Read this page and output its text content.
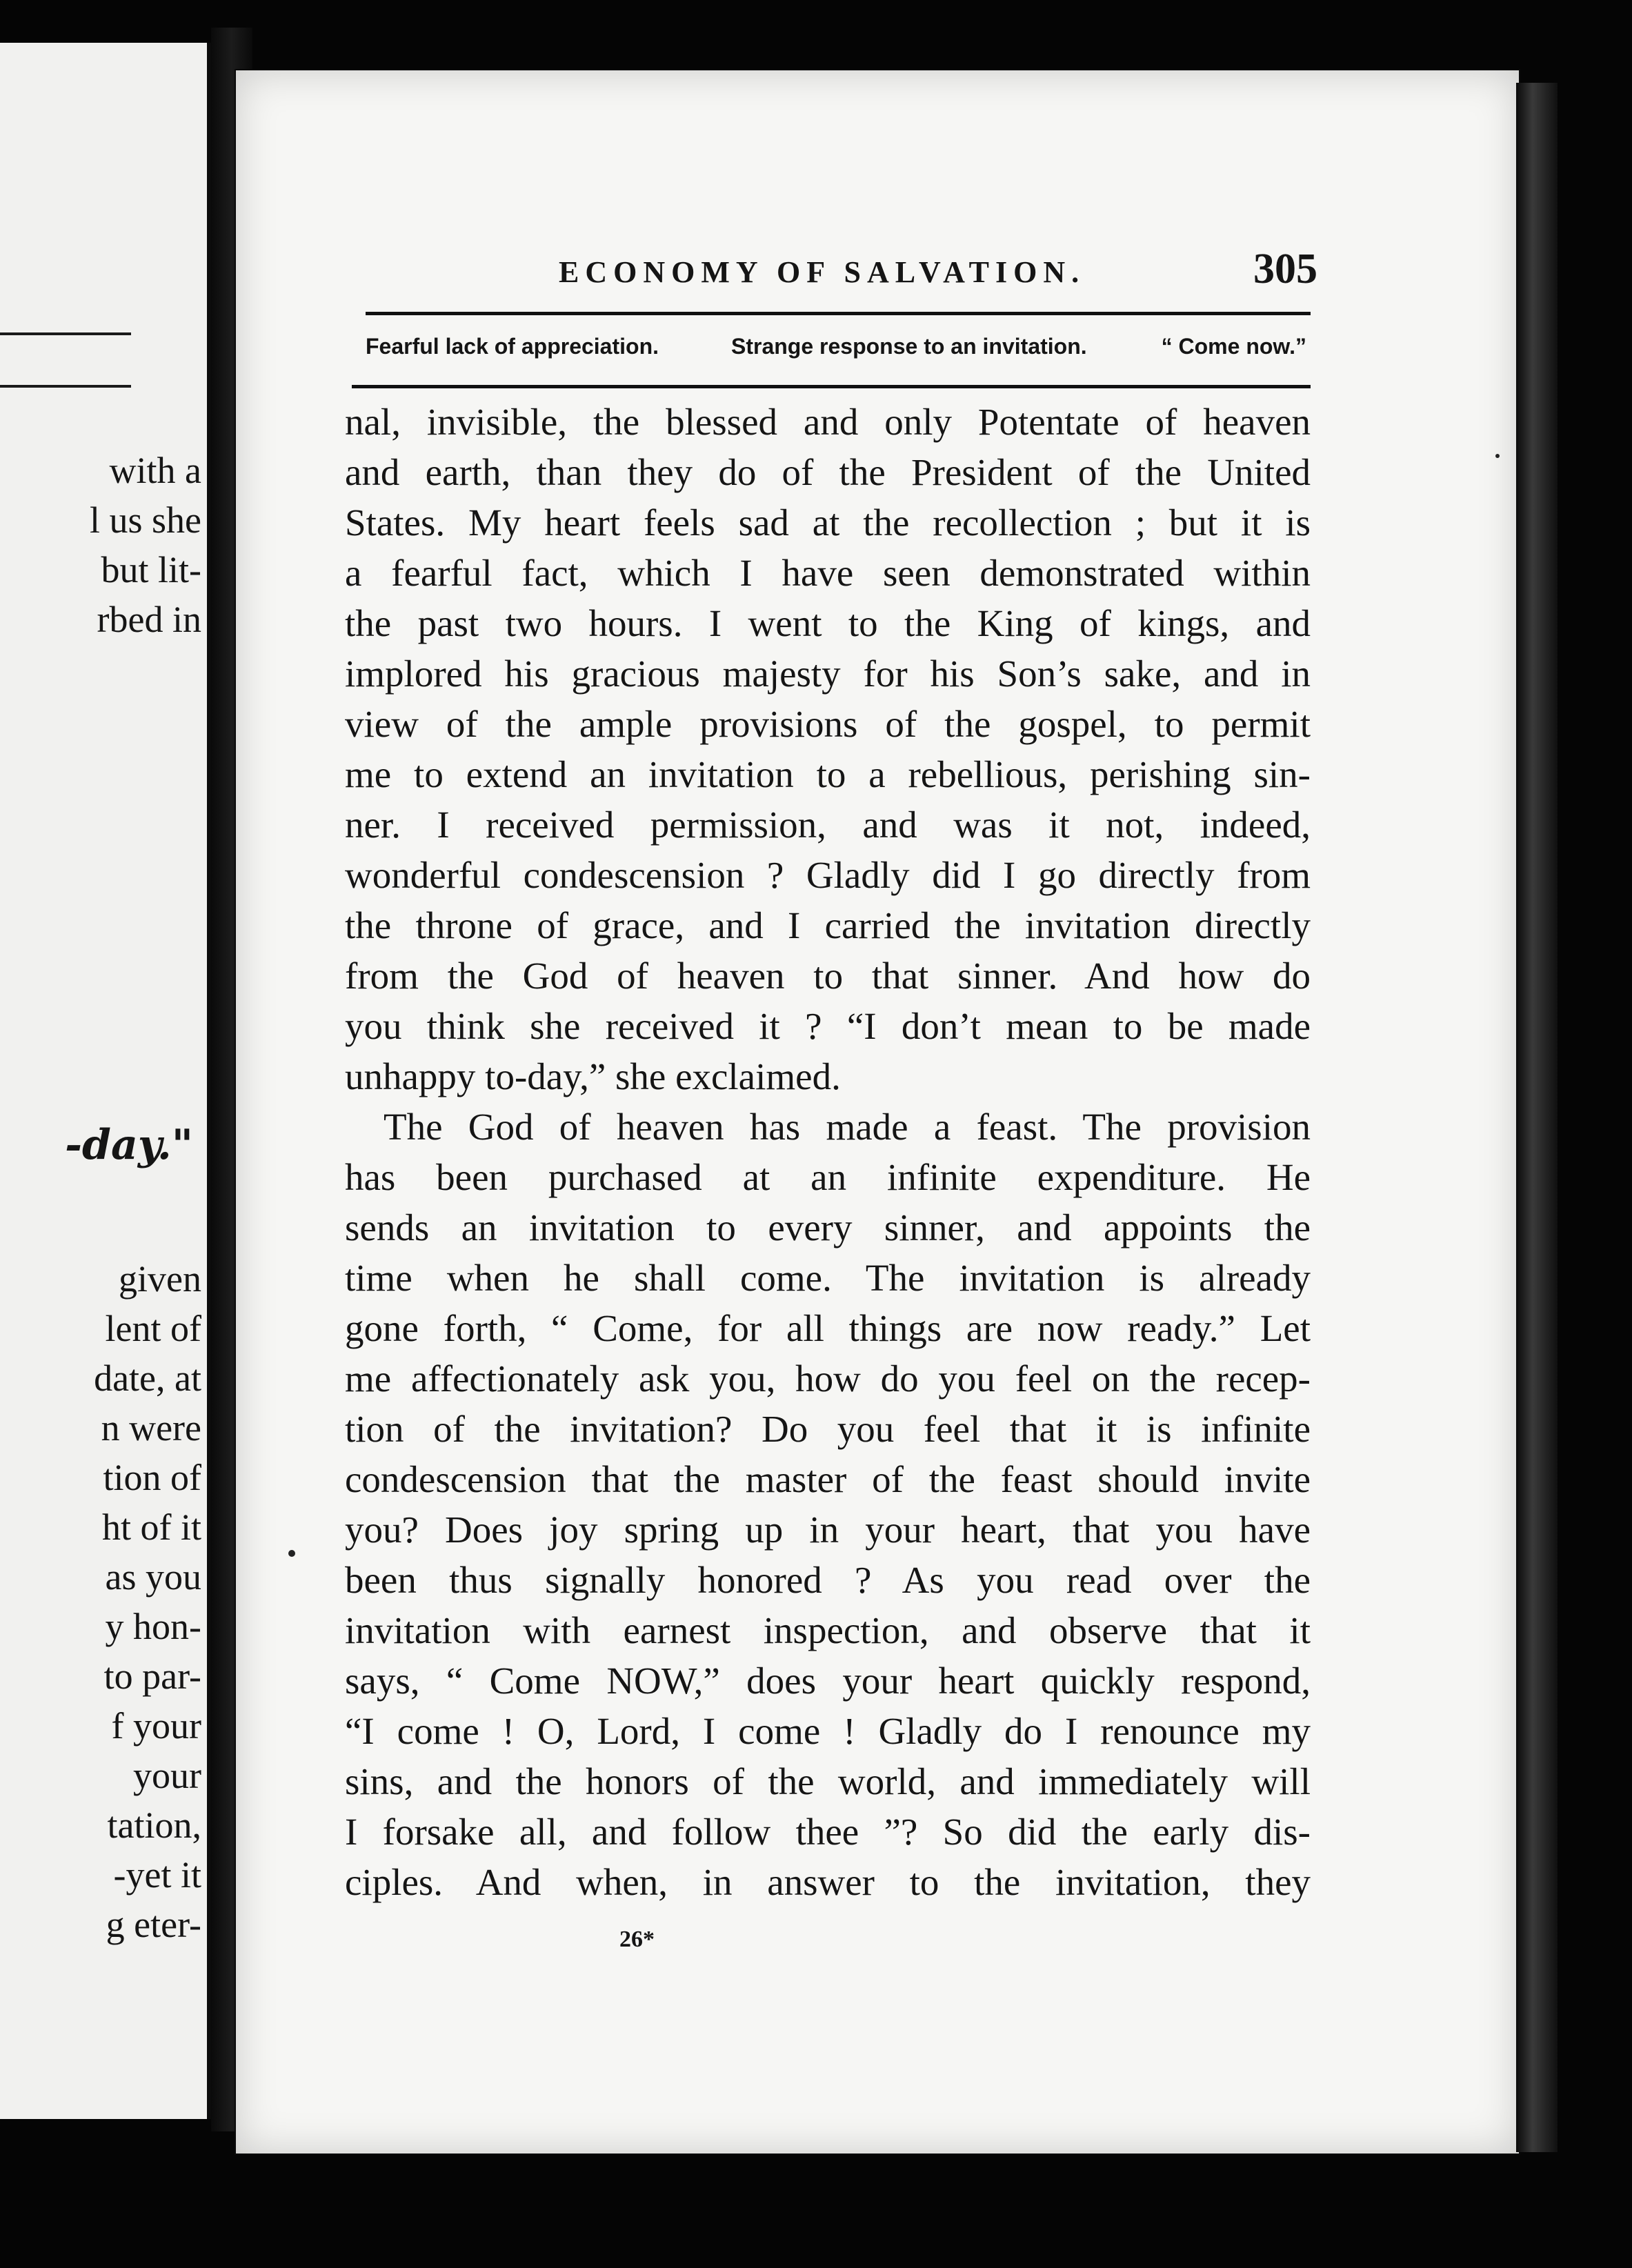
with a
l us she
but lit-
rbed in
-day."
given
lent of
date, at
n were
tion of
ht of it
as you
y hon-
to par-
f your
your
tation,
-yet it
g eter-
ECONOMY OF SALVATION.	305
Fearful lack of appreciation.	Strange response to an invitation.	“ Come now.”
nal, invisible, the blessed and only Potentate of heaven
and earth, than they do of the President of the United
States. My heart feels sad at the recollection ; but it is
a fearful fact, which I have seen demonstrated within
the past two hours. I went to the King of kings, and
implored his gracious majesty for his Son’s sake, and in
view of the ample provisions of the gospel, to permit
me to extend an invitation to a rebellious, perishing sin-
ner. I received permission, and was it not, indeed,
wonderful condescension ? Gladly did I go directly from
the throne of grace, and I carried the invitation directly
from the God of heaven to that sinner. And how do
you think she received it ? “I don’t mean to be made
unhappy to-day,” she exclaimed.
The God of heaven has made a feast. The provision
has been purchased at an infinite expenditure. He
sends an invitation to every sinner, and appoints the
time when he shall come. The invitation is already
gone forth, “ Come, for all things are now ready.” Let
me affectionately ask you, how do you feel on the recep-
tion of the invitation? Do you feel that it is infinite
condescension that the master of the feast should invite
you? Does joy spring up in your heart, that you have
been thus signally honored ? As you read over the
invitation with earnest inspection, and observe that it
says, “ Come NOW,” does your heart quickly respond,
“I come ! O, Lord, I come ! Gladly do I renounce my
sins, and the honors of the world, and immediately will
I forsake all, and follow thee ”? So did the early dis-
ciples. And when, in answer to the invitation, they
26*
